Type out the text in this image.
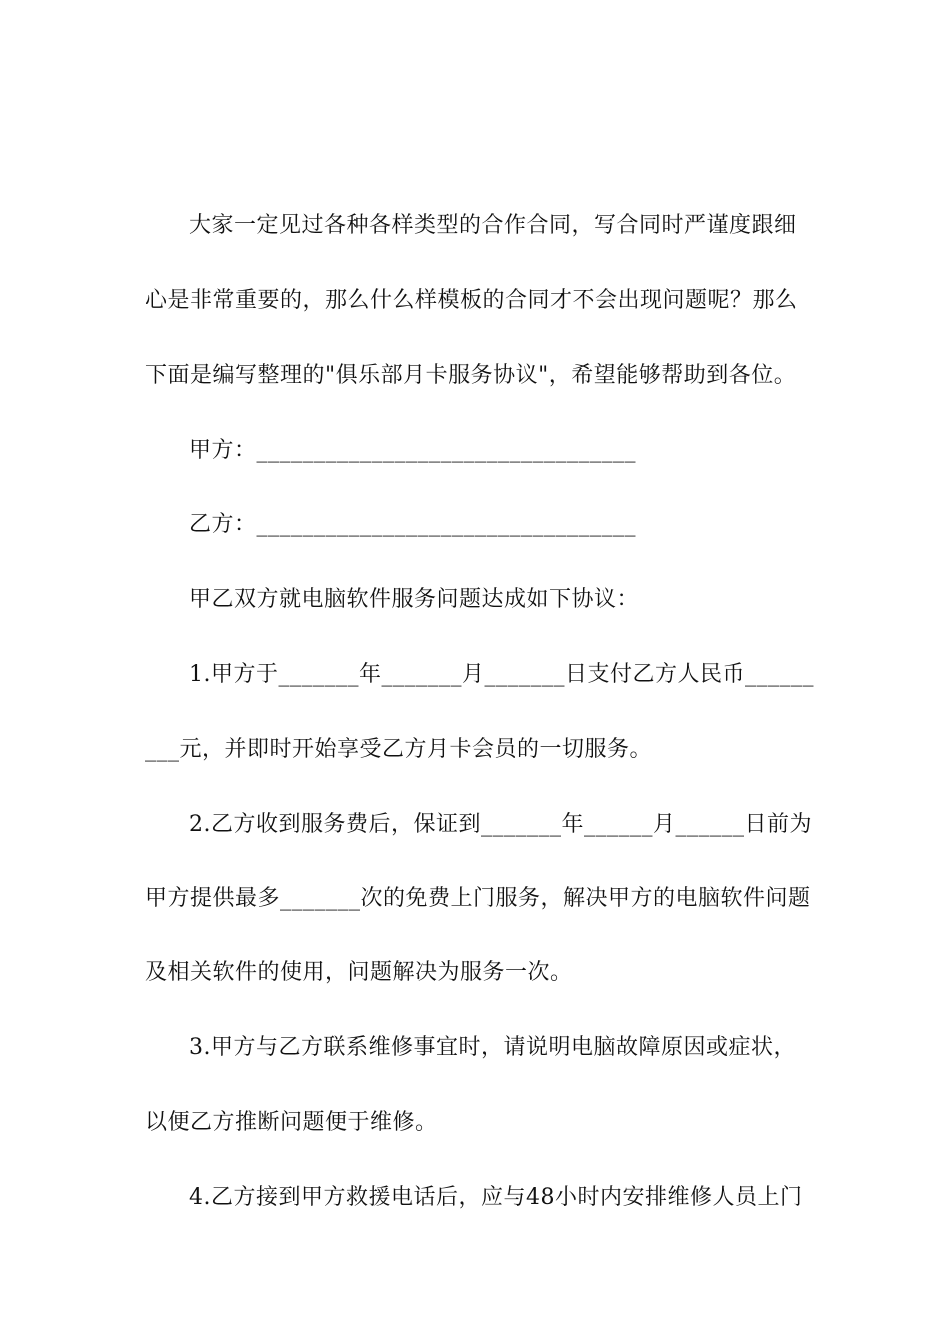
大家一定见过各种各样类型的合作合同，写合同时严谨度跟细
心是非常重要的，那么什么样模板的合同才不会出现问题呢？那么
下面是编写整理的"俱乐部月卡服务协议"，希望能够帮助到各位。
甲方：_________________________________
乙方：_________________________________
甲乙双方就电脑软件服务问题达成如下协议：
1.甲方于_______年_______月_______日支付乙方人民币______
___元，并即时开始享受乙方月卡会员的一切服务。
2.乙方收到服务费后，保证到_______年______月______日前为
甲方提供最多_______次的免费上门服务，解决甲方的电脑软件问题
及相关软件的使用，问题解决为服务一次。
3.甲方与乙方联系维修事宜时，请说明电脑故障原因或症状，
以便乙方推断问题便于维修。
4.乙方接到甲方救援电话后，应与48小时内安排维修人员上门
